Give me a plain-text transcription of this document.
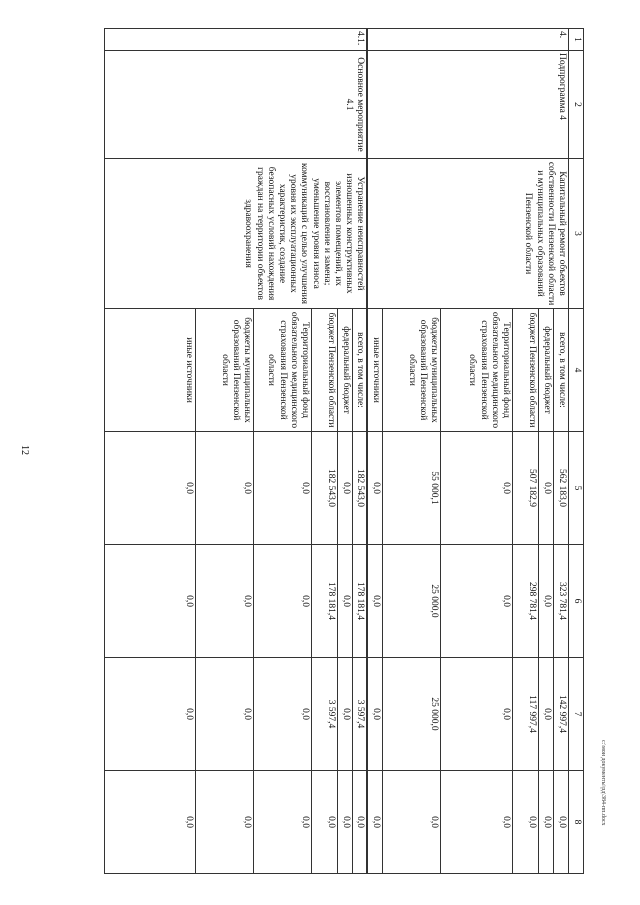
12
c:\мои документы\рд\384-пп.docx
1	2	3	4	5	6	7	8
4.	Подпрограмма 4	Капитальный ремонт объектов собственности Пензенской области и муниципальных образований Пензенской области	всего, в том числе:	562 183,0	323 781,4	142 997,4	0,0
			федеральный бюджет	0,0	0,0	0,0	0,0
			бюджет Пензенской области	507 182,9	298 781,4	117 997,4	0,0
			Территориальный фонд обязательного медицинского страхования Пензенской области	0,0	0,0	0,0	0,0
			бюджеты муниципальных образований Пензенской области	55 000,1	25 000,0	25 000,0	0,0
			иные источники	0,0	0,0	0,0	0,0
4.1.	Основное мероприятие 4.1	Устранение неисправностей изношенных конструктивных элементов помещений, их восстановление и замена; уменьшение уровня износа коммуникаций с целью улучшения уровня их эксплуатационных характеристик, создание безопасных условий нахождения граждан на территории объектов здравоохранения	всего, в том числе:	182 543,0	178 181,4	3 597,4	0,0
			федеральный бюджет	0,0	0,0	0,0	0,0
			бюджет Пензенской области	182 543,0	178 181,4	3 597,4	0,0
			Территориальный фонд обязательного медицинского страхования Пензенской области	0,0	0,0	0,0	0,0
			бюджеты муниципальных образований Пензенской области	0,0	0,0	0,0	0,0
			иные источники	0,0	0,0	0,0	0,0
